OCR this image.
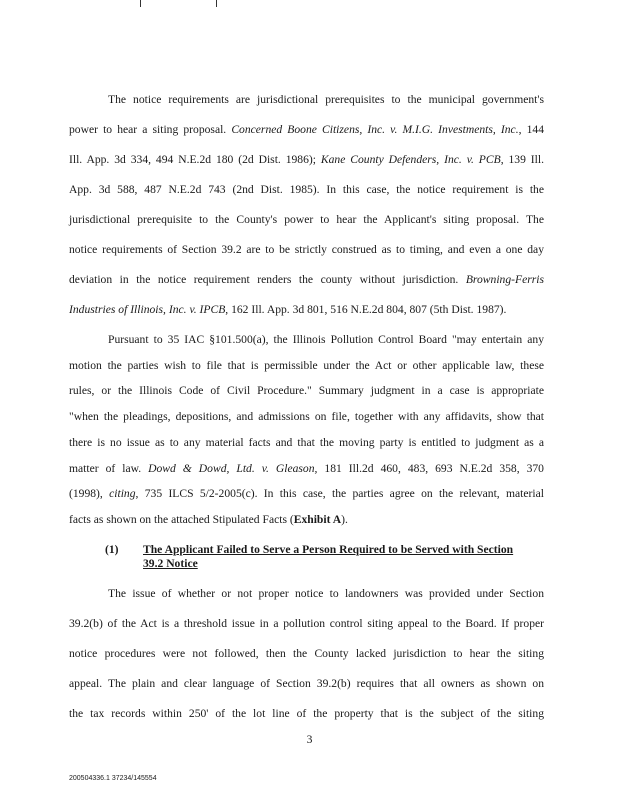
The notice requirements are jurisdictional prerequisites to the municipal government's
power to hear a siting proposal. Concerned Boone Citizens, Inc. v. M.I.G. Investments, Inc., 144
Ill. App. 3d 334, 494 N.E.2d 180 (2d Dist. 1986); Kane County Defenders, Inc. v. PCB, 139 Ill.
App. 3d 588, 487 N.E.2d 743 (2nd Dist. 1985). In this case, the notice requirement is the
jurisdictional prerequisite to the County's power to hear the Applicant's siting proposal. The
notice requirements of Section 39.2 are to be strictly construed as to timing, and even a one day
deviation in the notice requirement renders the county without jurisdiction. Browning-Ferris
Industries of Illinois, Inc. v. IPCB, 162 Ill. App. 3d 801, 516 N.E.2d 804, 807 (5th Dist. 1987).
Pursuant to 35 IAC §101.500(a), the Illinois Pollution Control Board "may entertain any
motion the parties wish to file that is permissible under the Act or other applicable law, these
rules, or the Illinois Code of Civil Procedure." Summary judgment in a case is appropriate
"when the pleadings, depositions, and admissions on file, together with any affidavits, show that
there is no issue as to any material facts and that the moving party is entitled to judgment as a
matter of law. Dowd & Dowd, Ltd. v. Gleason, 181 Ill.2d 460, 483, 693 N.E.2d 358, 370
(1998), citing, 735 ILCS 5/2-2005(c). In this case, the parties agree on the relevant, material
(1) The Applicant Failed to Serve a Person Required to be Served with Section
39.2 Notice
The issue of whether or not proper notice to landowners was provided under Section
39.2(b) of the Act is a threshold issue in a pollution control siting appeal to the Board. If proper
notice procedures were not followed, then the County lacked jurisdiction to hear the siting
appeal. The plain and clear language of Section 39.2(b) requires that all owners as shown on
the tax records within 250' of the lot line of the property that is the subject of the siting
3
200504336.1 37234/145554
facts as shown on the attached Stipulated Facts (Exhibit A).
